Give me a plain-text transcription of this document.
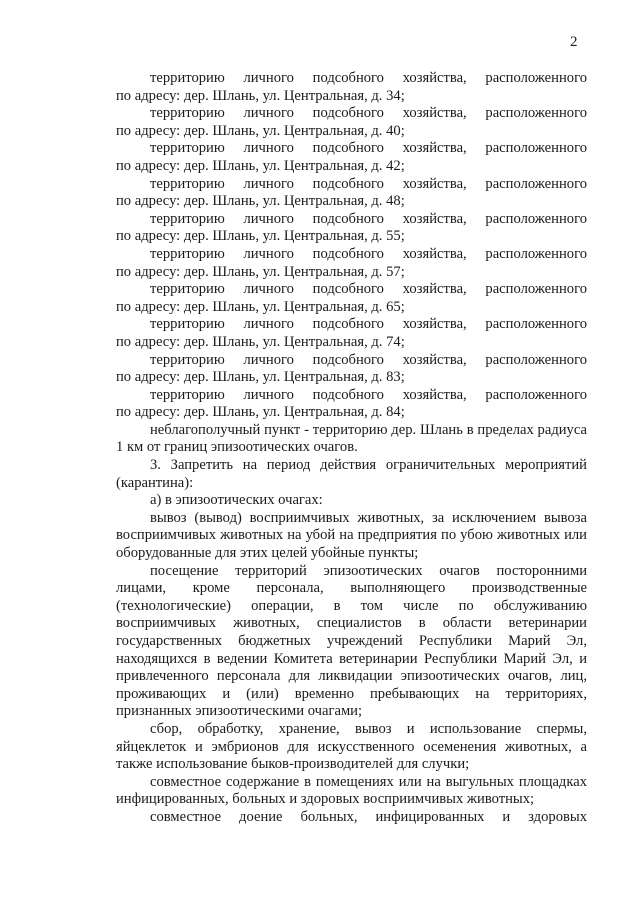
2

территорию личного подсобного хозяйства, расположенного

по адресу: дер. Шлань, ул. Центральная, д. 34;

территорию личного подсобного хозяйства, расположенного

по адресу: дер. Шлань, ул. Центральная, д. 40;

территорию личного подсобного хозяйства, расположенного

по адресу: дер. Шлань, ул. Центральная, д. 42;

территорию личного подсобного хозяйства, расположенного

по адресу: дер. Шлань, ул. Центральная, д. 48;

территорию личного подсобного хозяйства, расположенного

по адресу: дер. Шлань, ул. Центральная, д. 55;

территорию личного подсобного хозяйства, расположенного

по адресу: дер. Шлань, ул. Центральная, д. 57;

территорию личного подсобного хозяйства, расположенного

по адресу: дер. Шлань, ул. Центральная, д. 65;

территорию личного подсобного хозяйства, расположенного

по адресу: дер. Шлань, ул. Центральная, д. 74;

территорию личного подсобного хозяйства, расположенного

по адресу: дер. Шлань, ул. Центральная, д. 83;

территорию личного подсобного хозяйства, расположенного

по адресу: дер. Шлань, ул. Центральная, д. 84;

неблагополучный пункт - территорию дер. Шлань в пределах радиуса 1 км от границ эпизоотических очагов.

3. Запретить на период действия ограничительных мероприятий (карантина):

а) в эпизоотических очагах:

вывоз (вывод) восприимчивых животных, за исключением вывоза восприимчивых животных на убой на предприятия по убою животных или оборудованные для этих целей убойные пункты;

посещение территорий эпизоотических очагов посторонними лицами, кроме персонала, выполняющего производственные (технологические) операции, в том числе по обслуживанию восприимчивых животных, специалистов в области ветеринарии государственных бюджетных учреждений Республики Марий Эл, находящихся в ведении Комитета ветеринарии Республики Марий Эл, и привлеченного персонала для ликвидации эпизоотических очагов, лиц, проживающих и (или) временно пребывающих на территориях, признанных эпизоотическими очагами;

сбор, обработку, хранение, вывоз и использование спермы, яйцеклеток и эмбрионов для искусственного осеменения животных, а также использование быков-производителей для случки;

совместное содержание в помещениях или на выгульных площадках инфицированных, больных и здоровых восприимчивых животных;

совместное доение больных, инфицированных и здоровых
